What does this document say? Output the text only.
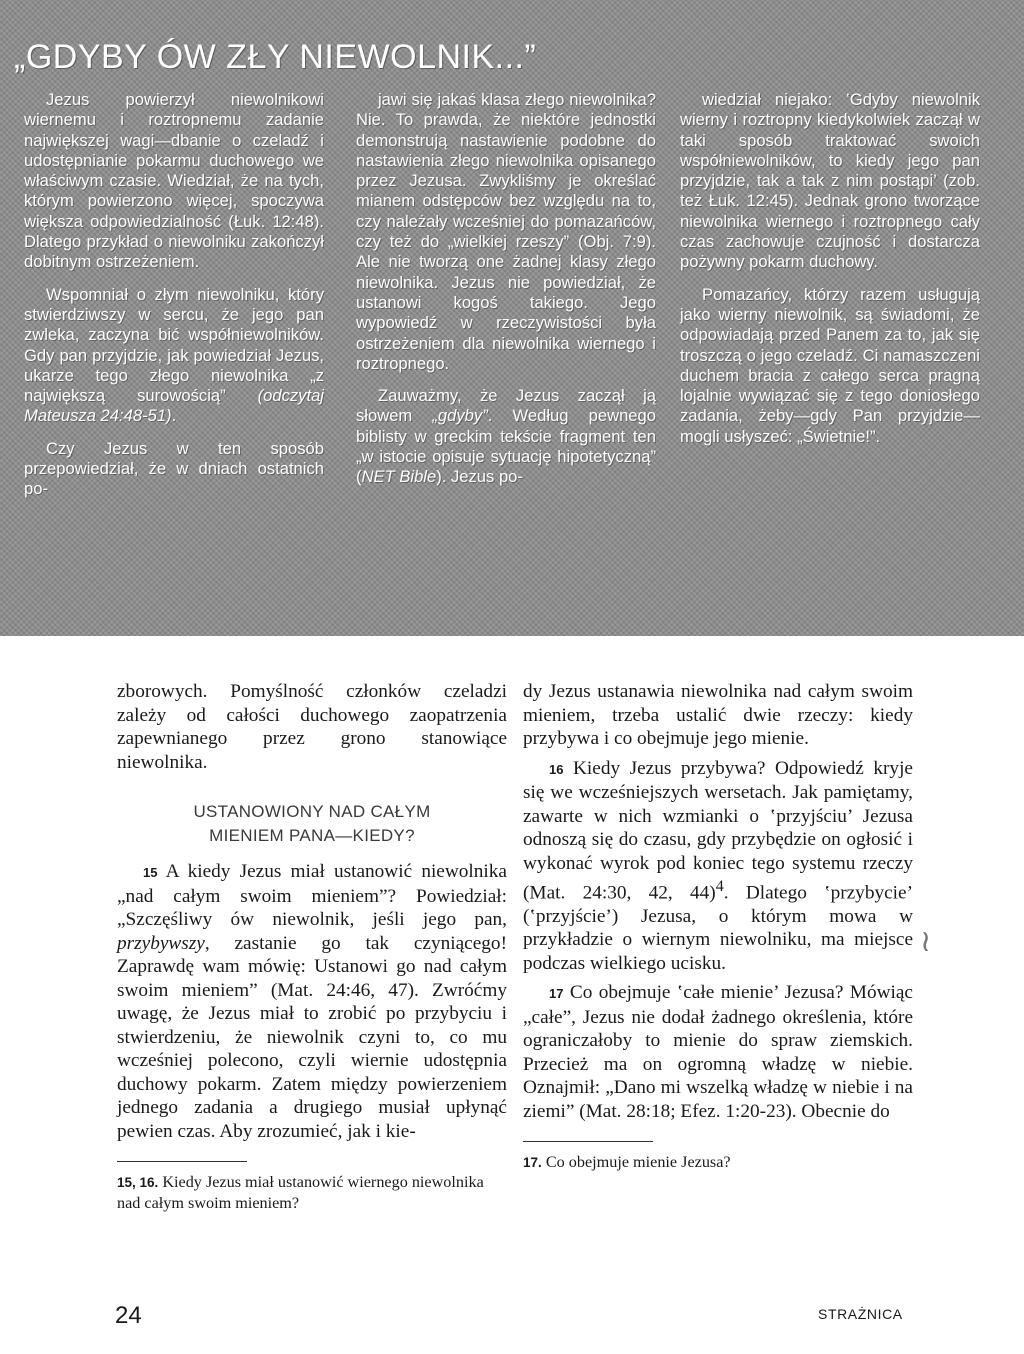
„GDYBY ÓW ZŁY NIEWOLNIK...”

Jezus powierzył niewolnikowi wiernemu i roztropnemu zadanie największej wagi—dbanie o czeladź i udostępnianie pokarmu duchowego we właściwym czasie. Wiedział, że na tych, którym powierzono więcej, spoczywa większa odpowiedzialność (Łuk. 12:48). Dlatego przykład o niewolniku zakończył dobitnym ostrzeżeniem.

Wspomniał o złym niewolniku, który stwierdziwszy w sercu, że jego pan zwleka, zaczyna bić współniewolników. Gdy pan przyjdzie, jak powiedział Jezus, ukarze tego złego niewolnika „z największą surowością” (odczytaj Mateusza 24:48-51).

Czy Jezus w ten sposób przepowiedział, że w dniach ostatnich po-

jawi się jakaś klasa złego niewolnika? Nie. To prawda, że niektóre jednostki demonstrują nastawienie podobne do nastawienia złego niewolnika opisanego przez Jezusa. Zwykliśmy je określać mianem odstępców bez względu na to, czy należały wcześniej do pomazańców, czy też do „wielkiej rzeszy” (Obj. 7:9). Ale nie tworzą one żadnej klasy złego niewolnika. Jezus nie powiedział, że ustanowi kogoś takiego. Jego wypowiedź w rzeczywistości była ostrzeżeniem dla niewolnika wiernego i roztropnego.

Zauważmy, że Jezus zaczął ją słowem „gdyby”. Według pewnego biblisty w greckim tekście fragment ten „w istocie opisuje sytuację hipotetyczną” (NET Bible). Jezus po-

wiedział niejako: ‛Gdyby niewolnik wierny i roztropny kiedykolwiek zaczął w taki sposób traktować swoich współniewolników, to kiedy jego pan przyjdzie, tak a tak z nim postąpi’ (zob. też Łuk. 12:45). Jednak grono tworzące niewolnika wiernego i roztropnego cały czas zachowuje czujność i dostarcza pożywny pokarm duchowy.

Pomazańcy, którzy razem usługują jako wierny niewolnik, są świadomi, że odpowiadają przed Panem za to, jak się troszczą o jego czeladź. Ci namaszczeni duchem bracia z całego serca pragną lojalnie wywiązać się z tego doniosłego zadania, żeby—gdy Pan przyjdzie—mogli usłyszeć: „Świetnie!”.

zborowych. Pomyślność członków czeladzi zależy od całości duchowego zaopatrzenia zapewnianego przez grono stanowiące niewolnika.

USTANOWIONY NAD CAŁYM
MIENIEM PANA—KIEDY?

15 A kiedy Jezus miał ustanowić niewolnika „nad całym swoim mieniem”? Powiedział: „Szczęśliwy ów niewolnik, jeśli jego pan, przybywszy, zastanie go tak czyniącego! Zaprawdę wam mówię: Ustanowi go nad całym swoim mieniem” (Mat. 24:46, 47). Zwróćmy uwagę, że Jezus miał to zrobić po przybyciu i stwierdzeniu, że niewolnik czyni to, co mu wcześniej polecono, czyli wiernie udostępnia duchowy pokarm. Zatem między powierzeniem jednego zadania a drugiego musiał upłynąć pewien czas. Aby zrozumieć, jak i kie-

15, 16. Kiedy Jezus miał ustanowić wiernego niewolnika nad całym swoim mieniem?

dy Jezus ustanawia niewolnika nad całym swoim mieniem, trzeba ustalić dwie rzeczy: kiedy przybywa i co obejmuje jego mienie.

16 Kiedy Jezus przybywa? Odpowiedź kryje się we wcześniejszych wersetach. Jak pamiętamy, zawarte w nich wzmianki o ‛przyjściu’ Jezusa odnoszą się do czasu, gdy przybędzie on ogłosić i wykonać wyrok pod koniec tego systemu rzeczy (Mat. 24:30, 42, 44)$^4$. Dlatego ‛przybycie’ (‛przyjście’) Jezusa, o którym mowa w przykładzie o wiernym niewolniku, ma miejsce podczas wielkiego ucisku.

17 Co obejmuje ‛całe mienie’ Jezusa? Mówiąc „całe”, Jezus nie dodał żadnego określenia, które ograniczałoby to mienie do spraw ziemskich. Przecież ma on ogromną władzę w niebie. Oznajmił: „Dano mi wszelką władzę w niebie i na ziemi” (Mat. 28:18; Efez. 1:20-23). Obecnie do

17. Co obejmuje mienie Jezusa?

≀

24	STRAŻNICA
